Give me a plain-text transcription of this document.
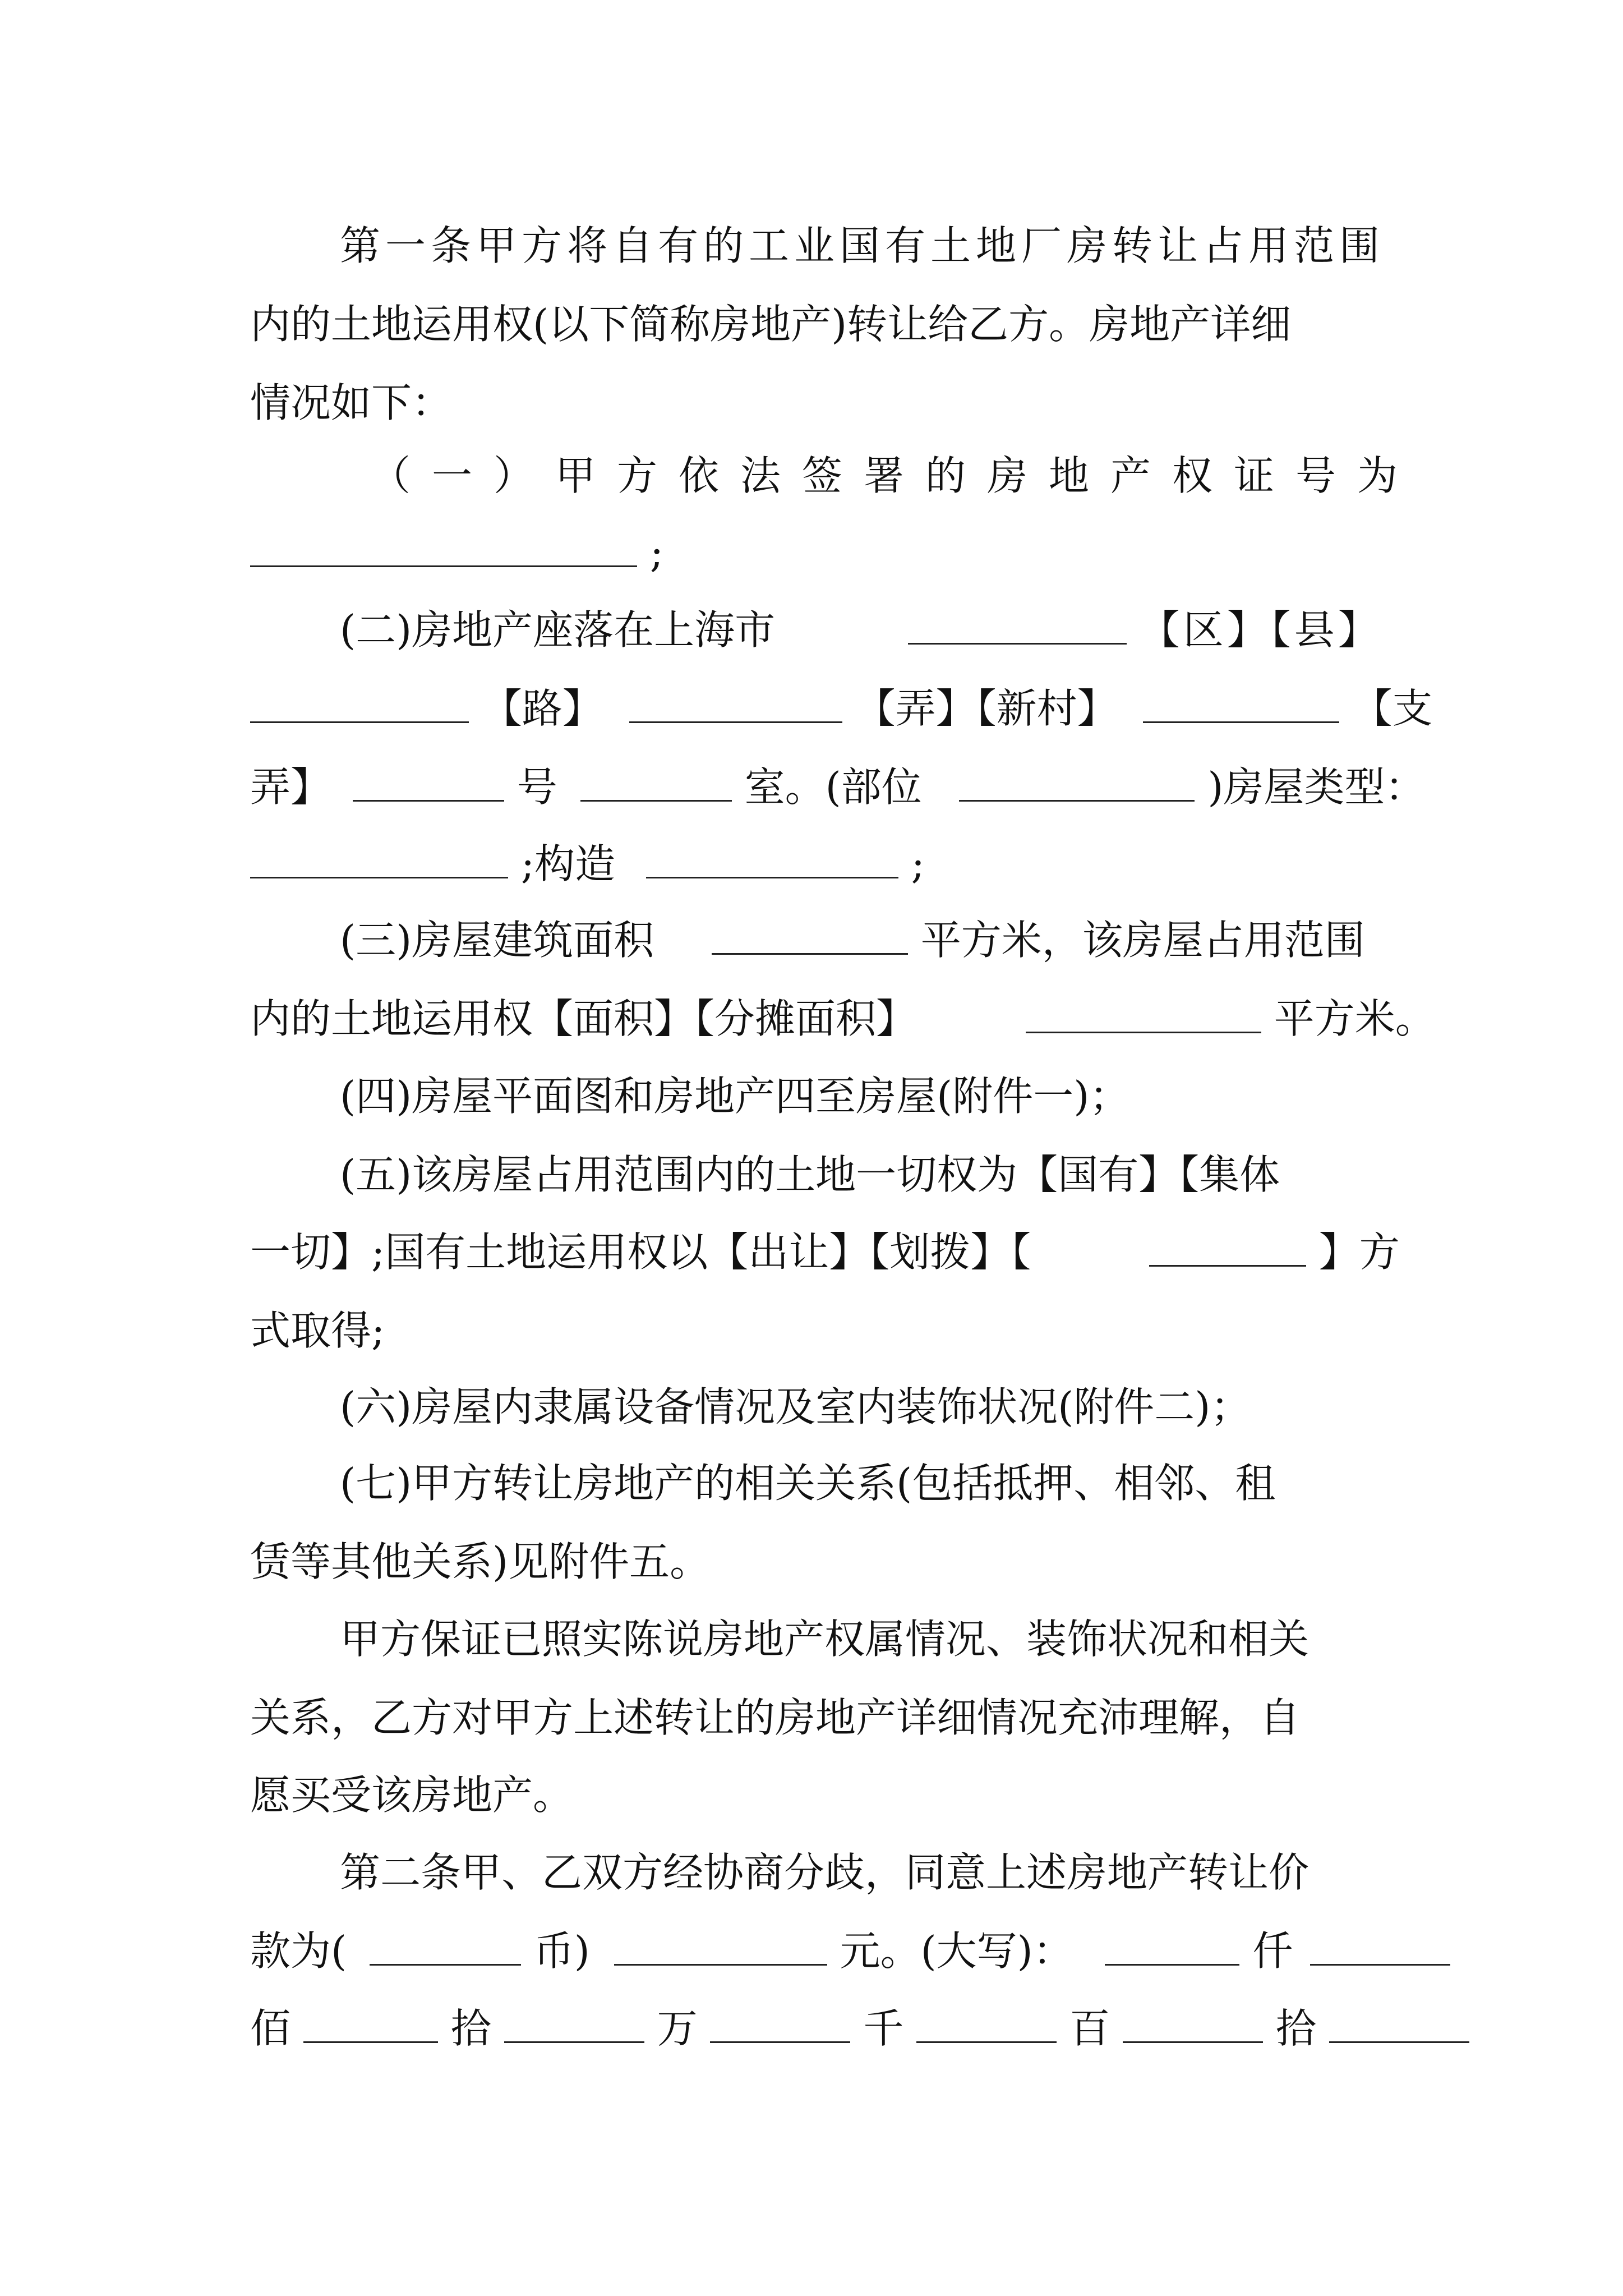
第一条甲方将自有的工业国有土地厂房转让占用范围
内的土地运用权(以下简称房地产)转让给乙方。房地产详细
情况如下：
（一）甲方依法签署的房地产权证号为
;
(二)房地产座落在上海市	【区】【县】
【路】	【弄】【新村】	【支
弄】	号	室。(部位	)房屋类型：
;构造	;
(三)房屋建筑面积	平方米，该房屋占用范围
内的土地运用权【面积】【分摊面积】	平方米。
(四)房屋平面图和房地产四至房屋(附件一)；
(五)该房屋占用范围内的土地一切权为【国有】【集体
一切】;国有土地运用权以【出让】【划拨】【	】方
式取得;
(六)房屋内隶属设备情况及室内装饰状况(附件二)；
(七)甲方转让房地产的相关关系(包括抵押、相邻、租
赁等其他关系)见附件五。
甲方保证已照实陈说房地产权属情况、装饰状况和相关
关系，乙方对甲方上述转让的房地产详细情况充沛理解，自
愿买受该房地产。
第二条甲、乙双方经协商分歧，同意上述房地产转让价
款为(	币)	元。(大写)：	仟
佰	拾	万	千	百	拾
